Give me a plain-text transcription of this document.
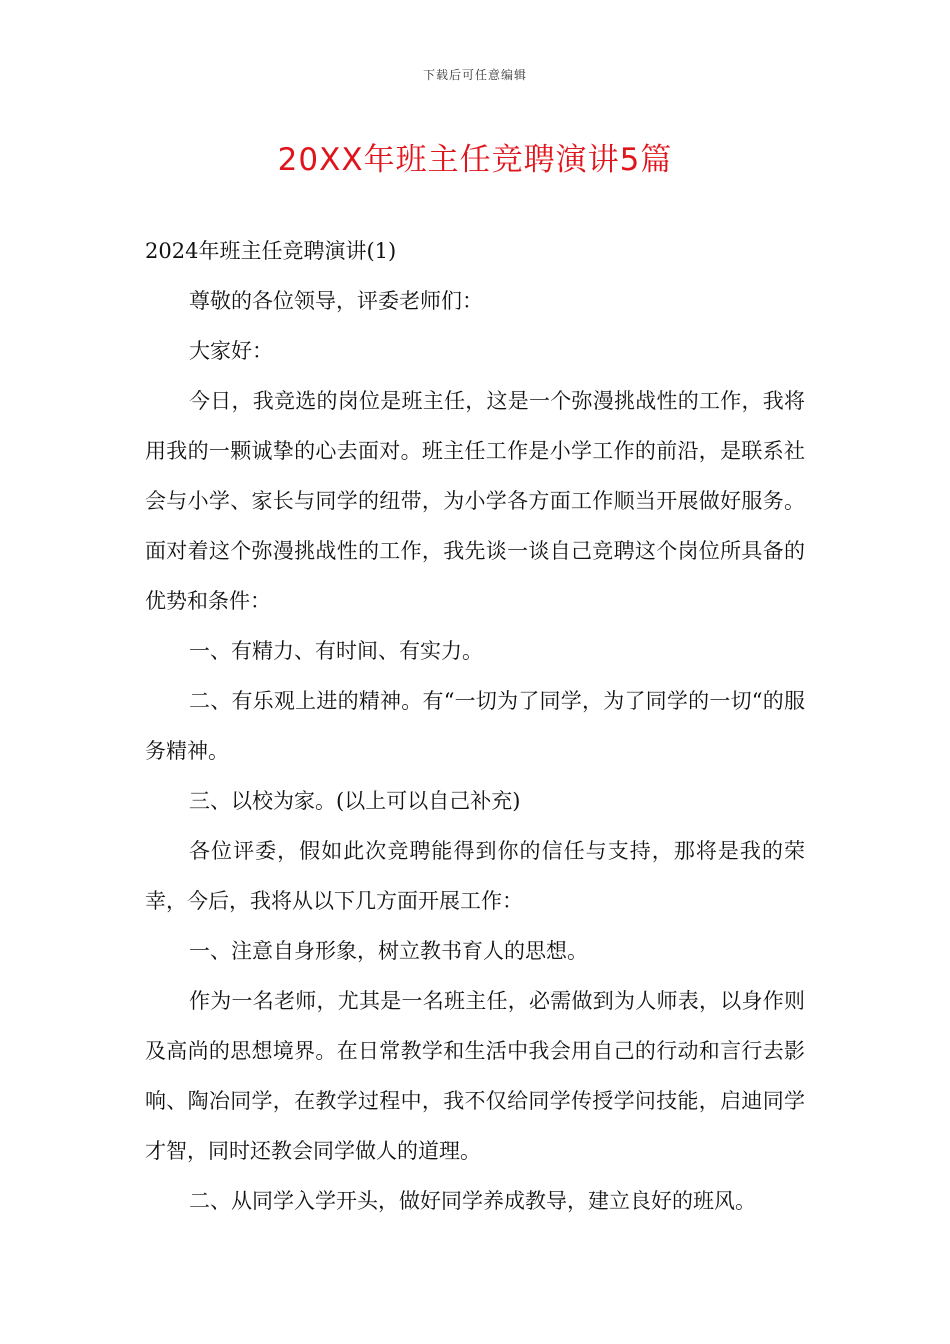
下载后可任意编辑
20XX年班主任竞聘演讲5篇

2024年班主任竞聘演讲(1)

尊敬的各位领导，评委老师们：

大家好：

今日，我竞选的岗位是班主任，这是一个弥漫挑战性的工作，我将用我的一颗诚挚的心去面对。班主任工作是小学工作的前沿，是联系社会与小学、家长与同学的纽带，为小学各方面工作顺当开展做好服务。面对着这个弥漫挑战性的工作，我先谈一谈自己竞聘这个岗位所具备的优势和条件：

一、有精力、有时间、有实力。

二、有乐观上进的精神。有“一切为了同学，为了同学的一切“的服务精神。

三、以校为家。(以上可以自己补充)

各位评委，假如此次竞聘能得到你的信任与支持，那将是我的荣幸，今后，我将从以下几方面开展工作：

一、注意自身形象，树立教书育人的思想。

作为一名老师，尤其是一名班主任，必需做到为人师表，以身作则及高尚的思想境界。在日常教学和生活中我会用自己的行动和言行去影响、陶冶同学，在教学过程中，我不仅给同学传授学问技能，启迪同学才智，同时还教会同学做人的道理。

二、从同学入学开头，做好同学养成教导，建立良好的班风。
